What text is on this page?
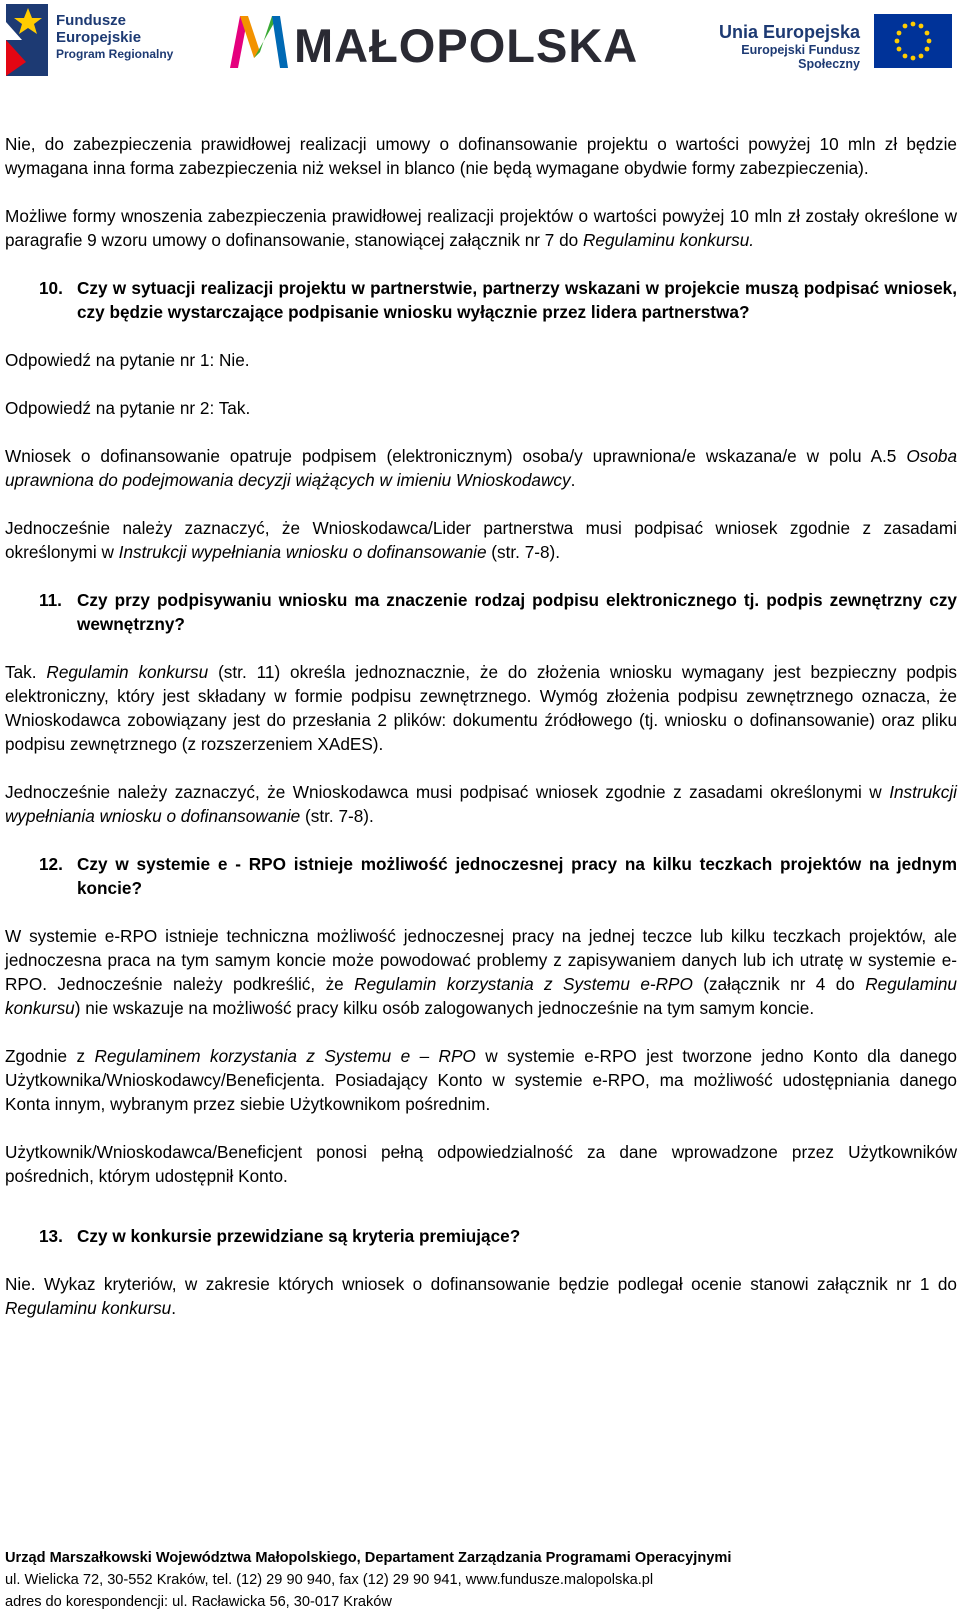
Fundusze
Europejskie
Program Regionalny	MAŁOPOLSKA	Unia Europejska
Europejski Fundusz Społeczny

Nie, do zabezpieczenia prawidłowej realizacji umowy o dofinansowanie projektu o wartości powyżej 10 mln zł będzie wymagana inna forma zabezpieczenia niż weksel in blanco (nie będą wymagane obydwie formy zabezpieczenia).

Możliwe formy wnoszenia zabezpieczenia prawidłowej realizacji projektów o wartości powyżej 10 mln zł zostały określone w paragrafie 9 wzoru umowy o dofinansowanie, stanowiącej załącznik nr 7 do Regulaminu konkursu.

10. Czy w sytuacji realizacji projektu w partnerstwie, partnerzy wskazani w projekcie muszą podpisać wniosek, czy będzie wystarczające podpisanie wniosku wyłącznie przez lidera partnerstwa?

Odpowiedź na pytanie nr 1: Nie.

Odpowiedź na pytanie nr 2: Tak.

Wniosek o dofinansowanie opatruje podpisem (elektronicznym) osoba/y uprawniona/e wskazana/e w polu A.5 Osoba uprawniona do podejmowania decyzji wiążących w imieniu Wnioskodawcy.

Jednocześnie należy zaznaczyć, że Wnioskodawca/Lider partnerstwa musi podpisać wniosek zgodnie z zasadami określonymi w Instrukcji wypełniania wniosku o dofinansowanie (str. 7-8).

11. Czy przy podpisywaniu wniosku ma znaczenie rodzaj podpisu elektronicznego tj. podpis zewnętrzny czy wewnętrzny?

Tak. Regulamin konkursu (str. 11) określa jednoznacznie, że do złożenia wniosku wymagany jest bezpieczny podpis elektroniczny, który jest składany w formie podpisu zewnętrznego. Wymóg złożenia podpisu zewnętrznego oznacza, że Wnioskodawca zobowiązany jest do przesłania 2 plików: dokumentu źródłowego (tj. wniosku o dofinansowanie) oraz pliku podpisu zewnętrznego (z rozszerzeniem XAdES).

Jednocześnie należy zaznaczyć, że Wnioskodawca musi podpisać wniosek zgodnie z zasadami określonymi w Instrukcji wypełniania wniosku o dofinansowanie (str. 7-8).

12. Czy w systemie e - RPO istnieje możliwość jednoczesnej pracy na kilku teczkach projektów na jednym koncie?

W systemie e-RPO istnieje techniczna możliwość jednoczesnej pracy na jednej teczce lub kilku teczkach projektów, ale jednoczesna praca na tym samym koncie może powodować problemy z zapisywaniem danych lub ich utratę w systemie e-RPO. Jednocześnie należy podkreślić, że Regulamin korzystania z Systemu e-RPO (załącznik nr 4 do Regulaminu konkursu) nie wskazuje na możliwość pracy kilku osób zalogowanych jednocześnie na tym samym koncie.

Zgodnie z Regulaminem korzystania z Systemu e – RPO w systemie e-RPO jest tworzone jedno Konto dla danego Użytkownika/Wnioskodawcy/Beneficjenta. Posiadający Konto w systemie e-RPO, ma możliwość udostępniania danego Konta innym, wybranym przez siebie Użytkownikom pośrednim.

Użytkownik/Wnioskodawca/Beneficjent ponosi pełną odpowiedzialność za dane wprowadzone przez Użytkowników pośrednich, którym udostępnił Konto.

13. Czy w konkursie przewidziane są kryteria premiujące?

Nie. Wykaz kryteriów, w zakresie których wniosek o dofinansowanie będzie podlegał ocenie stanowi załącznik nr 1 do Regulaminu konkursu.

Urząd Marszałkowski Województwa Małopolskiego, Departament Zarządzania Programami Operacyjnymi
ul. Wielicka 72, 30-552 Kraków, tel. (12) 29 90 940, fax (12) 29 90 941, www.fundusze.malopolska.pl
adres do korespondencji: ul. Racławicka 56, 30-017 Kraków
